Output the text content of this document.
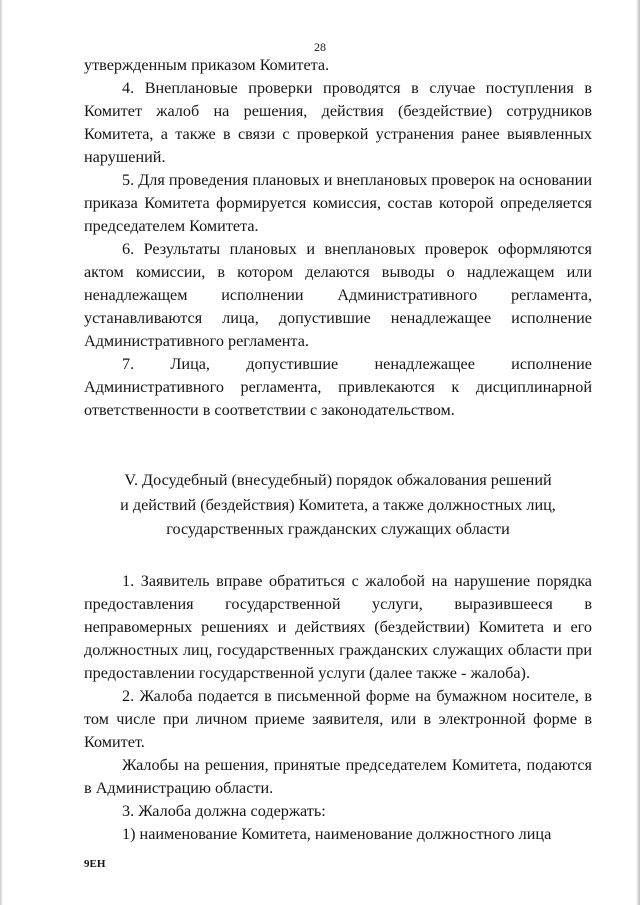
28

утвержденным приказом Комитета.

4. Внеплановые проверки проводятся в случае поступления в Комитет жалоб на решения, действия (бездействие) сотрудников Комитета, а также в связи с проверкой устранения ранее выявленных нарушений.

5. Для проведения плановых и внеплановых проверок на основании приказа Комитета формируется комиссия, состав которой определяется председателем Комитета.

6. Результаты плановых и внеплановых проверок оформляются актом комиссии, в котором делаются выводы о надлежащем или ненадлежащем исполнении Административного регламента, устанавливаются лица, допустившие ненадлежащее исполнение Административного регламента.

7. Лица, допустившие ненадлежащее исполнение Административного регламента, привлекаются к дисциплинарной ответственности в соответствии с законодательством.

V. Досудебный (внесудебный) порядок обжалования решений

и действий (бездействия) Комитета, а также должностных лиц,

государственных гражданских служащих области

1. Заявитель вправе обратиться с жалобой на нарушение порядка предоставления государственной услуги, выразившееся в неправомерных решениях и действиях (бездействии) Комитета и его должностных лиц, государственных гражданских служащих области при предоставлении государственной услуги (далее также - жалоба).

2. Жалоба подается в письменной форме на бумажном носителе, в том числе при личном приеме заявителя, или в электронной форме в Комитет.

Жалобы на решения, принятые председателем Комитета, подаются в Администрацию области.

3. Жалоба должна содержать:

1) наименование Комитета, наименование должностного лица

9ЕН
